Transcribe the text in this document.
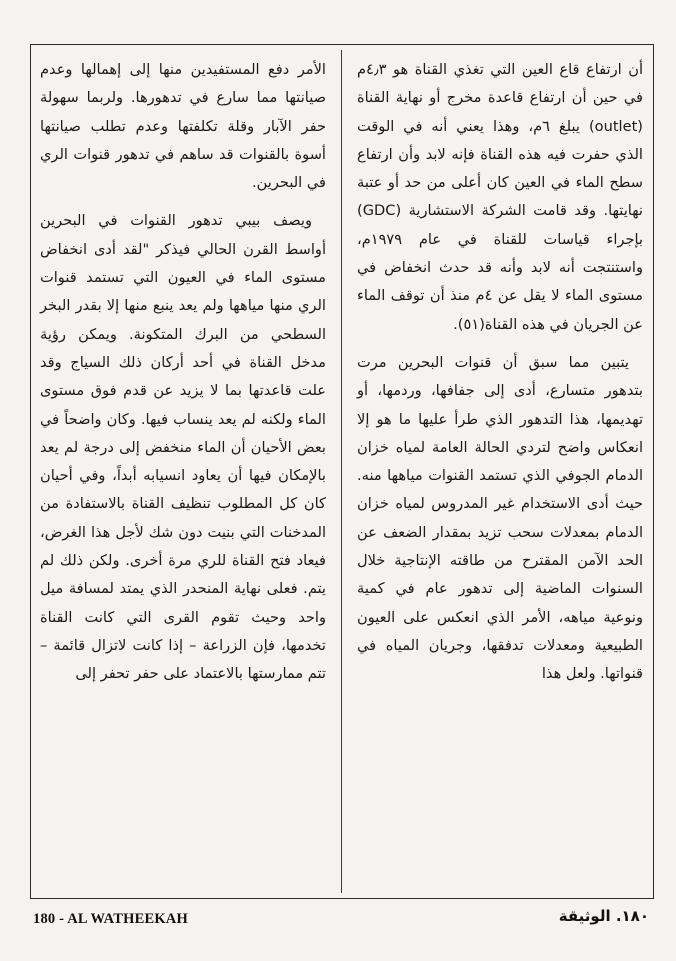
أن ارتفاع قاع العين التي تغذي القناة هو ٤٫٣م في حين أن ارتفاع قاعدة مخرج أو نهاية القناة (outlet) يبلغ ٦م، وهذا يعني أنه في الوقت الذي حفرت فيه هذه القناة فإنه لابد وأن ارتفاع سطح الماء في العين كان أعلى من حد أو عتبة نهايتها. وقد قامت الشركة الاستشارية (GDC) بإجراء قياسات للقناة في عام ١٩٧٩م، واستنتجت أنه لابد وأنه قد حدث انخفاض في مستوى الماء لا يقل عن ٤م منذ أن توقف الماء عن الجريان في هذه القناة(٥١).

يتبين مما سبق أن قنوات البحرين مرت بتدهور متسارع، أدى إلى جفافها، وردمها، أو تهديمها، هذا التدهور الذي طرأ عليها ما هو إلا انعكاس واضح لتردي الحالة العامة لمياه خزان الدمام الجوفي الذي تستمد القنوات مياهها منه. حيث أدى الاستخدام غير المدروس لمياه خزان الدمام بمعدلات سحب تزيد بمقدار الضعف عن الحد الآمن المقترح من طاقته الإنتاجية خلال السنوات الماضية إلى تدهور عام في كمية ونوعية مياهه، الأمر الذي انعكس على العيون الطبيعية ومعدلات تدفقها، وجريان المياه في قنواتها. ولعل هذا

الأمر دفع المستفيدين منها إلى إهمالها وعدم صيانتها مما سارع في تدهورها. ولربما سهولة حفر الآبار وقلة تكلفتها وعدم تطلب صيانتها أسوة بالقنوات قد ساهم في تدهور قنوات الري في البحرين.

ويصف بيبي تدهور القنوات في البحرين أواسط القرن الحالي فيذكر "لقد أدى انخفاض مستوى الماء في العيون التي تستمد قنوات الري منها مياهها ولم يعد ينبع منها إلا بقدر البخر السطحي من البرك المتكونة. ويمكن رؤية مدخل القناة في أحد أركان ذلك السياج وقد علت قاعدتها بما لا يزيد عن قدم فوق مستوى الماء ولكنه لم يعد ينساب فيها. وكان واضحاً في بعض الأحيان أن الماء منخفض إلى درجة لم يعد بالإمكان فيها أن يعاود انسيابه أبداً، وفي أحيان كان كل المطلوب تنظيف القناة بالاستفادة من المدخنات التي بنيت دون شك لأجل هذا الغرض، فيعاد فتح القناة للري مرة أخرى. ولكن ذلك لم يتم. فعلى نهاية المنحدر الذي يمتد لمسافة ميل واحد وحيث تقوم القرى التي كانت القناة تخدمها، فإن الزراعة – إذا كانت لاتزال قائمة – تتم ممارستها بالاعتماد على حفر تحفر إلى

180 - AL WATHEEKAH	١٨٠. الوثيقة
